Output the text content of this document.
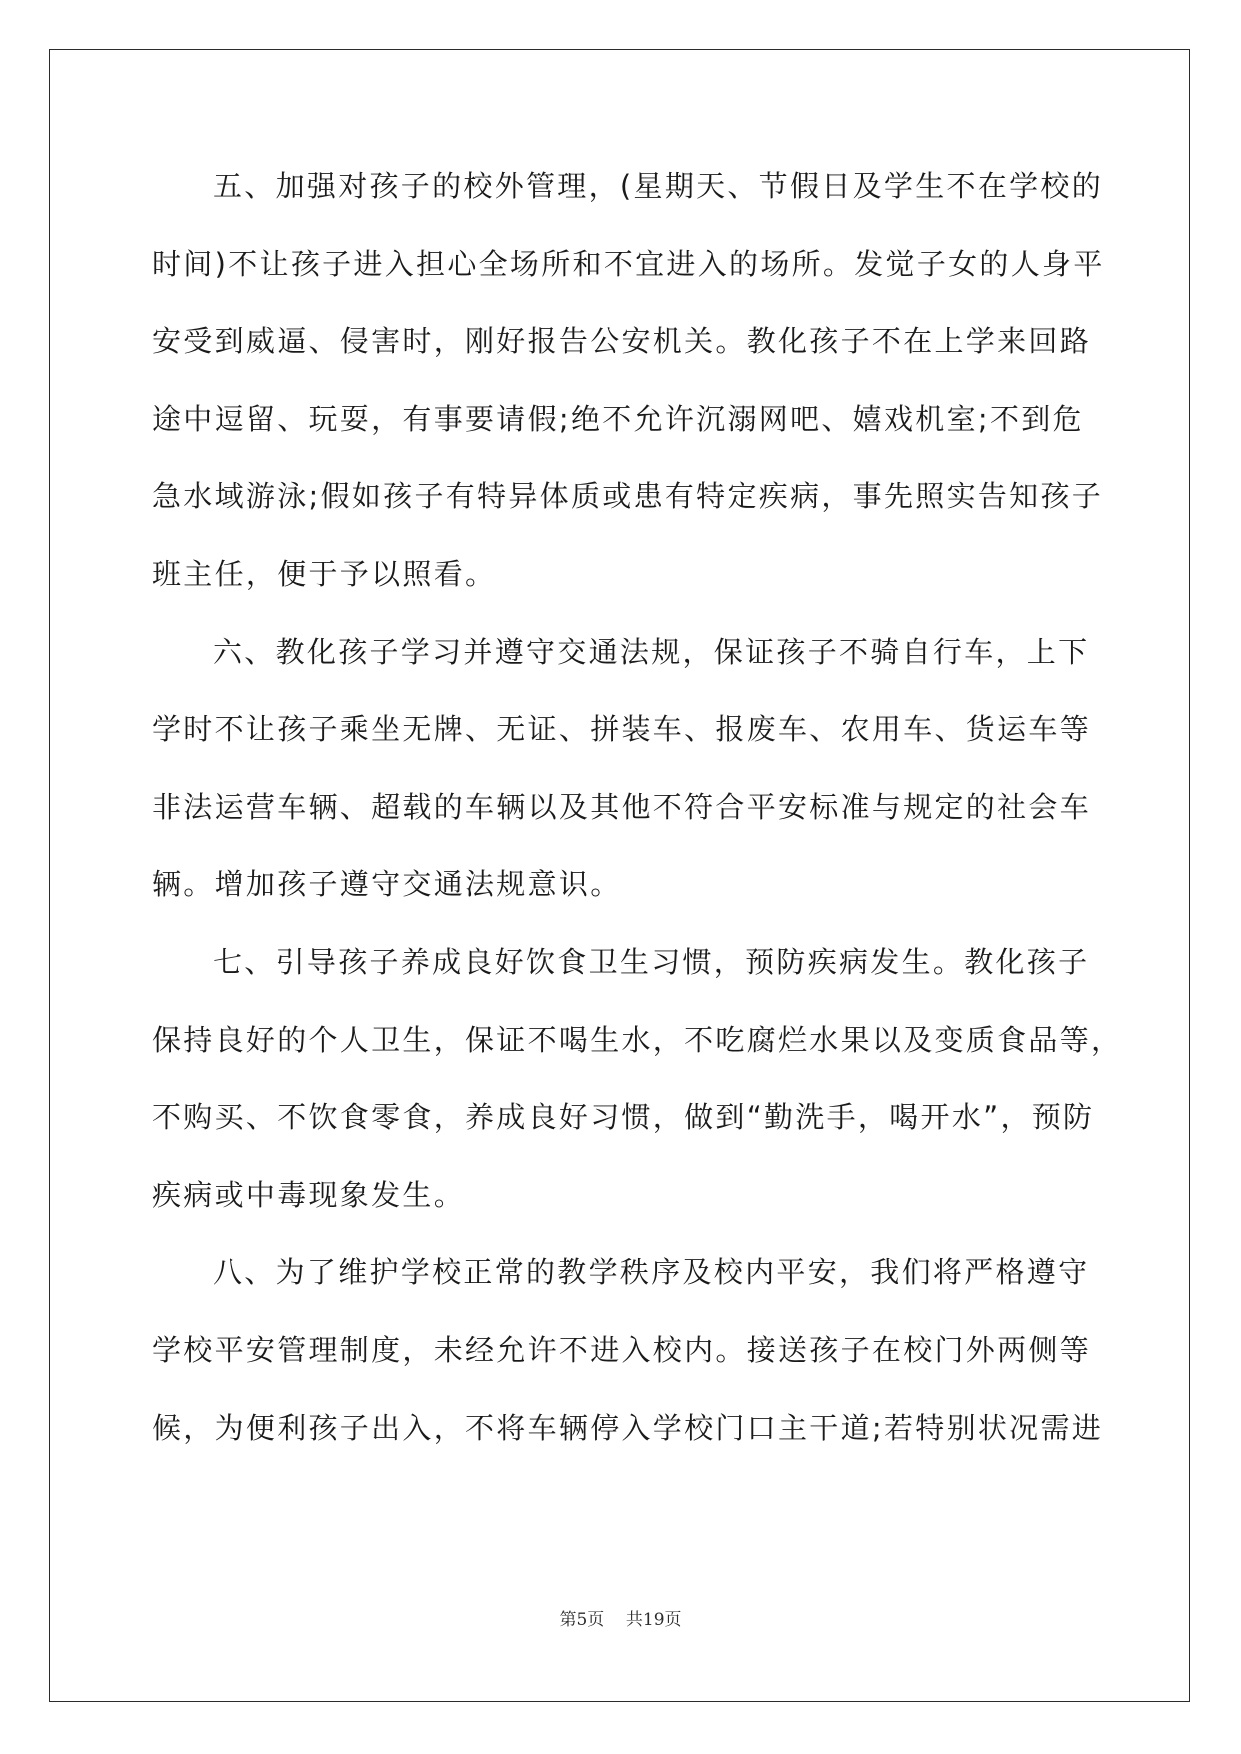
五、加强对孩子的校外管理，(星期天、节假日及学生不在学校的
时间)不让孩子进入担心全场所和不宜进入的场所。发觉子女的人身平
安受到威逼、侵害时，刚好报告公安机关。教化孩子不在上学来回路
途中逗留、玩耍，有事要请假;绝不允许沉溺网吧、嬉戏机室;不到危
急水域游泳;假如孩子有特异体质或患有特定疾病，事先照实告知孩子
班主任，便于予以照看。
六、教化孩子学习并遵守交通法规，保证孩子不骑自行车，上下
学时不让孩子乘坐无牌、无证、拼装车、报废车、农用车、货运车等
非法运营车辆、超载的车辆以及其他不符合平安标准与规定的社会车
辆。增加孩子遵守交通法规意识。
七、引导孩子养成良好饮食卫生习惯，预防疾病发生。教化孩子
保持良好的个人卫生，保证不喝生水，不吃腐烂水果以及变质食品等，
不购买、不饮食零食，养成良好习惯，做到“勤洗手，喝开水”，预防
疾病或中毒现象发生。
八、为了维护学校正常的教学秩序及校内平安，我们将严格遵守
学校平安管理制度，未经允许不进入校内。接送孩子在校门外两侧等
候，为便利孩子出入，不将车辆停入学校门口主干道;若特别状况需进
第5页    共19页
